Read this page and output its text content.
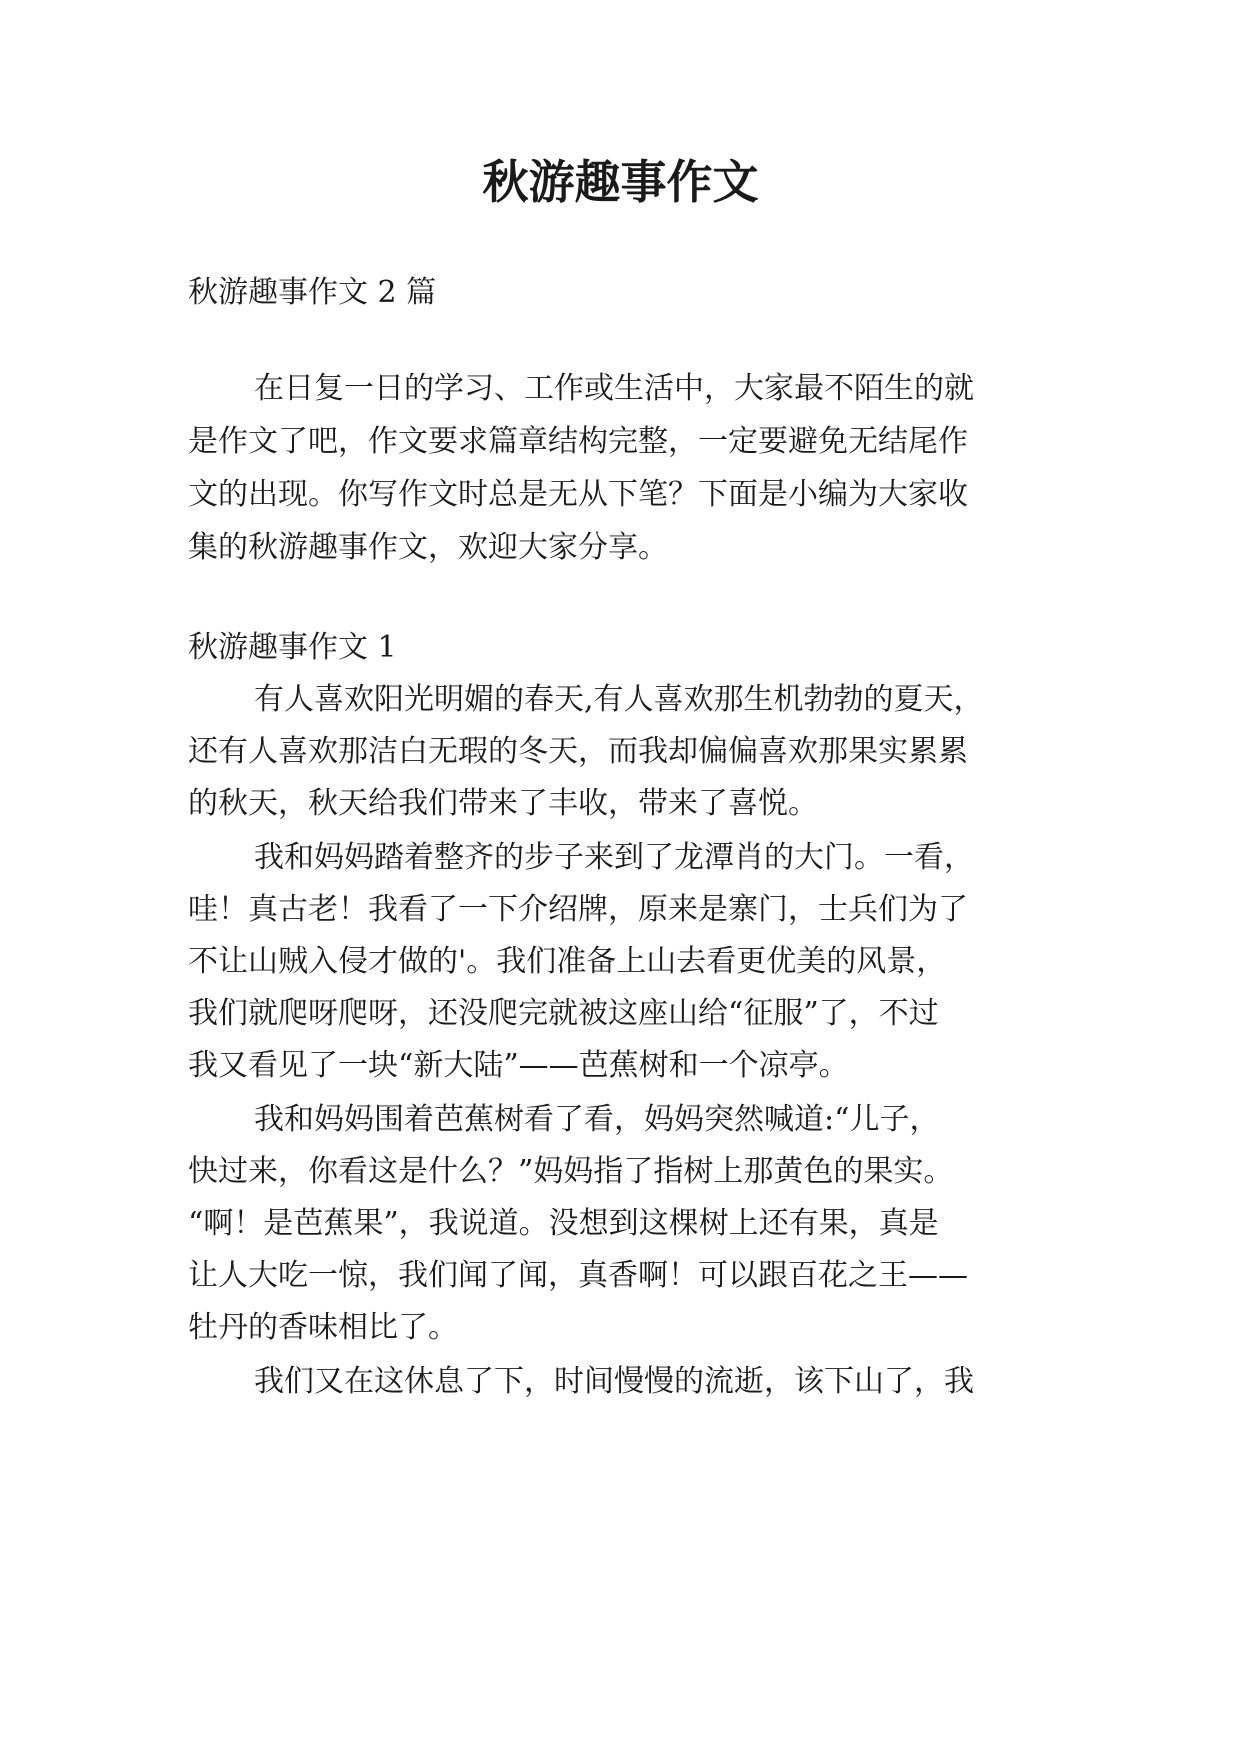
秋游趣事作文

秋游趣事作文 2 篇

在日复一日的学习、工作或生活中，大家最不陌生的就

是作文了吧，作文要求篇章结构完整，一定要避免无结尾作

文的出现。你写作文时总是无从下笔？下面是小编为大家收

集的秋游趣事作文，欢迎大家分享。

秋游趣事作文 1

有人喜欢阳光明媚的春天,有人喜欢那生机勃勃的夏天，

还有人喜欢那洁白无瑕的冬天，而我却偏偏喜欢那果实累累

的秋天，秋天给我们带来了丰收，带来了喜悦。

我和妈妈踏着整齐的步子来到了龙潭肖的大门。一看，

哇！真古老！我看了一下介绍牌，原来是寨门，士兵们为了

不让山贼入侵才做的'。我们准备上山去看更优美的风景，

我们就爬呀爬呀，还没爬完就被这座山给“征服”了，不过

我又看见了一块“新大陆”——芭蕉树和一个凉亭。

我和妈妈围着芭蕉树看了看，妈妈突然喊道:“儿子，

快过来，你看这是什么？”妈妈指了指树上那黄色的果实。

“啊！是芭蕉果”，我说道。没想到这棵树上还有果，真是

让人大吃一惊，我们闻了闻，真香啊！可以跟百花之王——

牡丹的香味相比了。

我们又在这休息了下，时间慢慢的流逝，该下山了，我
